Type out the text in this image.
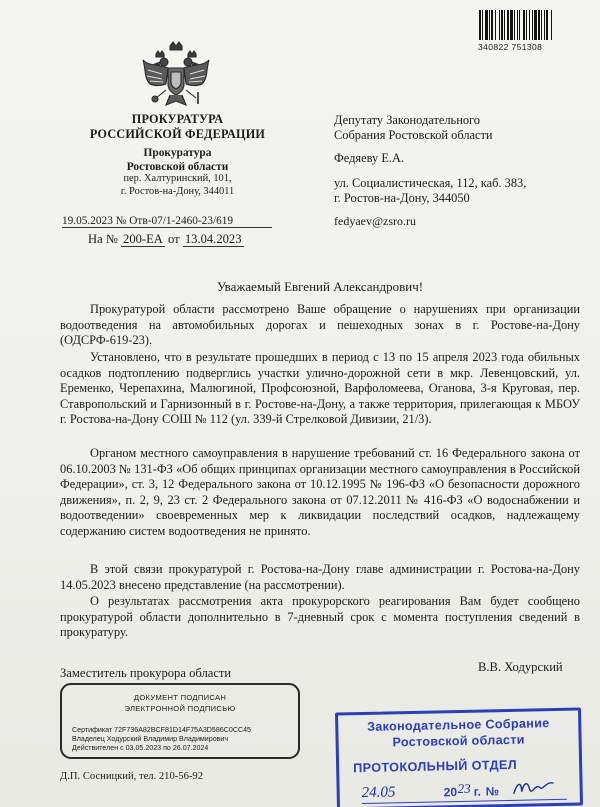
340822 751308
ПРОКУРАТУРА
РОССИЙСКОЙ ФЕДЕРАЦИИ
Прокуратура
Ростовской области
пер. Халтуринский, 101,
г. Ростов-на-Дону, 344011
19.05.2023 № Отв-07/1-2460-23/619
На № 200-ЕА от 13.04.2023
Депутату Законодательного
Собрания Ростовской области
Федяеву Е.А.
ул. Социалистическая, 112, каб. 383,
г. Ростов-на-Дону, 344050
fedyaev@zsro.ru
Уважаемый Евгений Александрович!
Прокуратурой области рассмотрено Ваше обращение о нарушениях при организации водоотведения на автомобильных дорогах и пешеходных зонах в г. Ростове-на-Дону (ОДСРФ-619-23).
Установлено, что в результате прошедших в период с 13 по 15 апреля 2023 года обильных осадков подтоплению подверглись участки улично-дорожной сети в мкр. Левенцовский, ул. Еременко, Черепахина, Малюгиной, Профсоюзной, Варфоломеева, Оганова, 3-я Круговая, пер. Ставропольский и Гарнизонный в г. Ростове-на-Дону, а также территория, прилегающая к МБОУ г. Ростова-на-Дону СОШ № 112 (ул. 339-й Стрелковой Дивизии, 21/3).
Органом местного самоуправления в нарушение требований ст. 16 Федерального закона от 06.10.2003 № 131-ФЗ «Об общих принципах организации местного самоуправления в Российской Федерации», ст. 3, 12 Федерального закона от 10.12.1995 № 196-ФЗ «О безопасности дорожного движения», п. 2, 9, 23 ст. 2 Федерального закона от 07.12.2011 № 416-ФЗ «О водоснабжении и водоотведении» своевременных мер к ликвидации последствий осадков, надлежащему содержанию систем водоотведения не принято.
В этой связи прокуратурой г. Ростова-на-Дону главе администрации г. Ростова-на-Дону 14.05.2023 внесено представление (на рассмотрении).
О результатах рассмотрения акта прокурорского реагирования Вам будет сообщено прокуратурой области дополнительно в 7-дневный срок с момента поступления сведений в прокуратуру.
Заместитель прокурора области	В.В. Ходурский
ДОКУМЕНТ ПОДПИСАН
ЭЛЕКТРОННОЙ ПОДПИСЬЮ
Сертификат 72F736A82BCF81D14F75A3D586C0CC45
Владелец Ходурский Владимир Владимирович
Действителен с 03.05.2023 по 26.07.2024
Д.П. Сосницкий, тел. 210-56-92
Законодательное Собрание
Ростовской области
ПРОТОКОЛЬНЫЙ ОТДЕЛ
24.05	20 23 г. №
